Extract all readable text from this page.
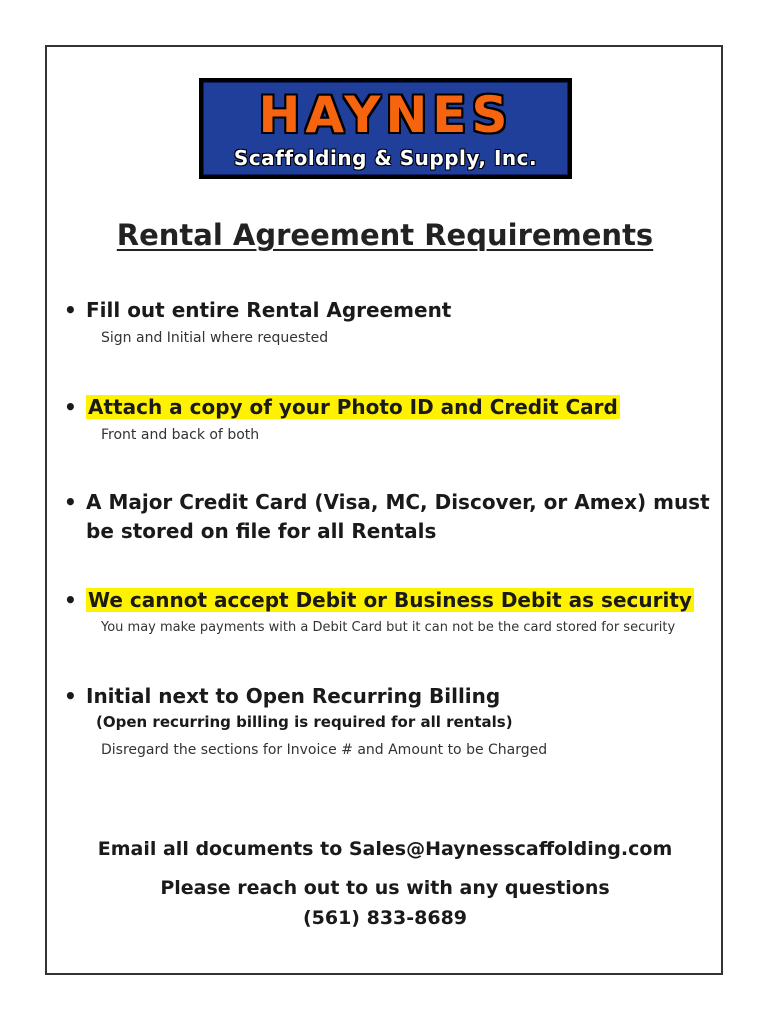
HAYNES
Scaffolding & Supply, Inc.
Rental Agreement Requirements
• Fill out entire Rental Agreement
Sign and Initial where requested
• Attach a copy of your Photo ID and Credit Card
Front and back of both
• A Major Credit Card (Visa, MC, Discover, or Amex) must be stored on file for all Rentals
• We cannot accept Debit or Business Debit as security
You may make payments with a Debit Card but it can not be the card stored for security
• Initial next to Open Recurring Billing
(Open recurring billing is required for all rentals)
Disregard the sections for Invoice # and Amount to be Charged
Email all documents to Sales@Haynesscaffolding.com
Please reach out to us with any questions
(561) 833-8689
